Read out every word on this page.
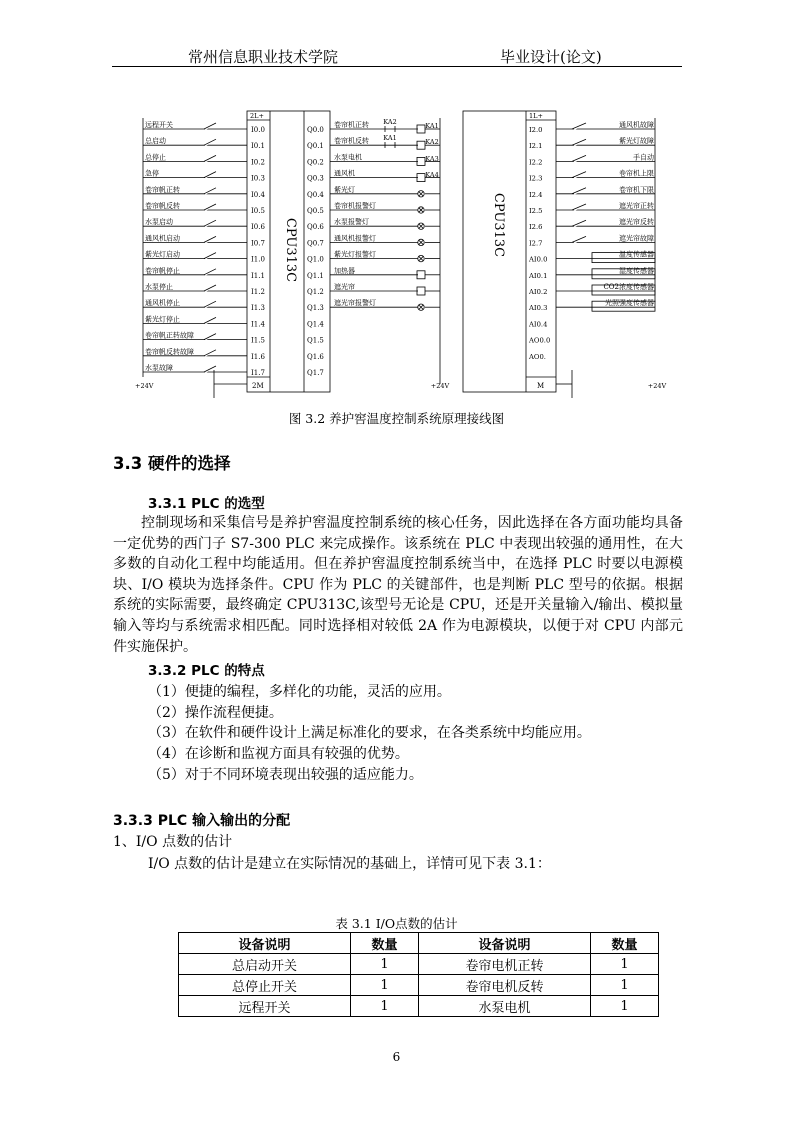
常州信息职业技术学院	毕业设计(论文)
2L+
2M
CPU313C
I0.0
远程开关
I0.1
总启动
I0.2
总停止
I0.3
急停
I0.4
卷帘帆正转
I0.5
卷帘帆反转
I0.6
水泵启动
I0.7
通风机启动
I1.0
紫光灯启动
I1.1
卷帘帆停止
I1.2
水泵停止
I1.3
通风机停止
I1.4
紫光灯停止
I1.5
卷帘帆正转故障
I1.6
卷帘帆反转故障
I1.7
水泵故障
+24V
Q0.0
卷帘机正转
Q0.1
卷帘机反转
Q0.2
水泵电机
Q0.3
通风机
Q0.4
紫光灯
Q0.5
卷帘机报警灯
Q0.6
水泵报警灯
Q0.7
通风机报警灯
Q1.0
紫光灯报警灯
Q1.1
加热器
Q1.2
遮光帘
Q1.3
遮光帘报警灯
Q1.4
Q1.5
Q1.6
Q1.7
+24V
KA2	KA1
KA1	KA2
KA3
KA4
1L+
M
CPU313C
I2.0
通风机故障
I2.1
紫光灯故障
I2.2
手自动
I2.3
卷帘机上限
I2.4
卷帘机下限
I2.5
遮光帘正转
I2.6
遮光帘反转
I2.7
遮光帘故障
AI0.0
温度传感器
AI0.1
湿度传感器
AI0.2
CO2浓度传感器
AI0.3
光照强度传感器
AI0.4
AO0.0
AO0.
+24V
图 3.2 养护窖温度控制系统原理接线图
3.3 硬件的选择
3.3.1 PLC 的选型

控制现场和采集信号是养护窖温度控制系统的核心任务，因此选择在各方面功能均具备一定优势的西门子 S7-300 PLC 来完成操作。该系统在 PLC 中表现出较强的通用性，在大多数的自动化工程中均能适用。但在养护窖温度控制系统当中，在选择 PLC 时要以电源模块、I/O 模块为选择条件。CPU 作为 PLC 的关键部件，也是判断 PLC 型号的依据。根据系统的实际需要，最终确定 CPU313C,该型号无论是 CPU，还是开关量输入/输出、模拟量输入等均与系统需求相匹配。同时选择相对较低 2A 作为电源模块，以便于对 CPU 内部元件实施保护。

3.3.2 PLC 的特点
（1）便捷的编程，多样化的功能，灵活的应用。
（2）操作流程便捷。
（3）在软件和硬件设计上满足标准化的要求，在各类系统中均能应用。
（4）在诊断和监视方面具有较强的优势。
（5）对于不同环境表现出较强的适应能力。
3.3.3 PLC 输入输出的分配
1、I/O 点数的估计
I/O 点数的估计是建立在实际情况的基础上，详情可见下表 3.1：
表 3.1 I/O点数的估计
设备说明	数量	设备说明	数量
总启动开关	1	卷帘电机正转	1
总停止开关	1	卷帘电机反转	1
远程开关	1	水泵电机	1
6
